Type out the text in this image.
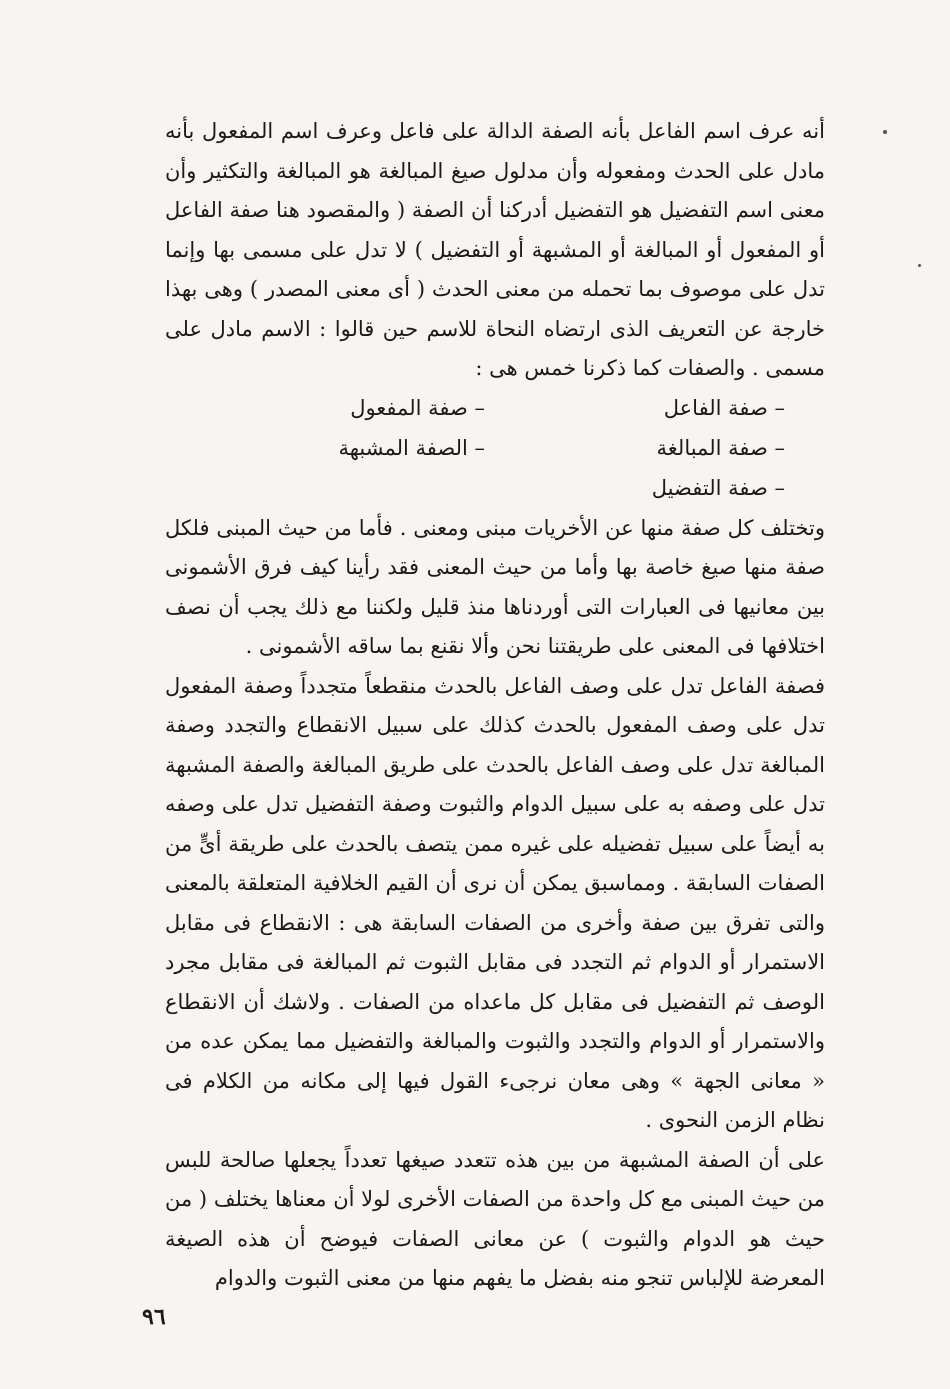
أنه عرف اسم الفاعل بأنه الصفة الدالة على فاعل وعرف اسم المفعول بأنه مادل على الحدث ومفعوله وأن مدلول صيغ المبالغة هو المبالغة والتكثير وأن معنى اسم التفضيل هو التفضيل أدركنا أن الصفة ( والمقصود هنا صفة الفاعل أو المفعول أو المبالغة أو المشبهة أو التفضيل ) لا تدل على مسمى بها وإنما تدل على موصوف بما تحمله من معنى الحدث ( أى معنى المصدر ) وهى بهذا خارجة عن التعريف الذى ارتضاه النحاة للاسم حين قالوا : الاسم مادل على مسمى . والصفات كما ذكرنا خمس هى :

– صفة الفاعل
– صفة المفعول
– صفة المبالغة
– الصفة المشبهة
– صفة التفضيل

وتختلف كل صفة منها عن الأخريات مبنى ومعنى . فأما من حيث المبنى فلكل صفة منها صيغ خاصة بها وأما من حيث المعنى فقد رأينا كيف فرق الأشمونى بين معانيها فى العبارات التى أوردناها منذ قليل ولكننا مع ذلك يجب أن نصف اختلافها فى المعنى على طريقتنا نحن وألا نقنع بما ساقه الأشمونى .

فصفة الفاعل تدل على وصف الفاعل بالحدث منقطعاً متجدداً وصفة المفعول تدل على وصف المفعول بالحدث كذلك على سبيل الانقطاع والتجدد وصفة المبالغة تدل على وصف الفاعل بالحدث على طريق المبالغة والصفة المشبهة تدل على وصفه به على سبيل الدوام والثبوت وصفة التفضيل تدل على وصفه به أيضاً على سبيل تفضيله على غيره ممن يتصف بالحدث على طريقة أىٍّ من الصفات السابقة . ومماسبق يمكن أن نرى أن القيم الخلافية المتعلقة بالمعنى والتى تفرق بين صفة وأخرى من الصفات السابقة هى : الانقطاع فى مقابل الاستمرار أو الدوام ثم التجدد فى مقابل الثبوت ثم المبالغة فى مقابل مجرد الوصف ثم التفضيل فى مقابل كل ماعداه من الصفات . ولاشك أن الانقطاع والاستمرار أو الدوام والتجدد والثبوت والمبالغة والتفضيل مما يمكن عده من « معانى الجهة » وهى معان نرجىء القول فيها إلى مكانه من الكلام فى نظام الزمن النحوى .

على أن الصفة المشبهة من بين هذه تتعدد صيغها تعدداً يجعلها صالحة للبس من حيث المبنى مع كل واحدة من الصفات الأخرى لولا أن معناها يختلف ( من حيث هو الدوام والثبوت ) عن معانى الصفات فيوضح أن هذه الصيغة المعرضة للإلباس تنجو منه بفضل ما يفهم منها من معنى الثبوت والدوام

٩٦
